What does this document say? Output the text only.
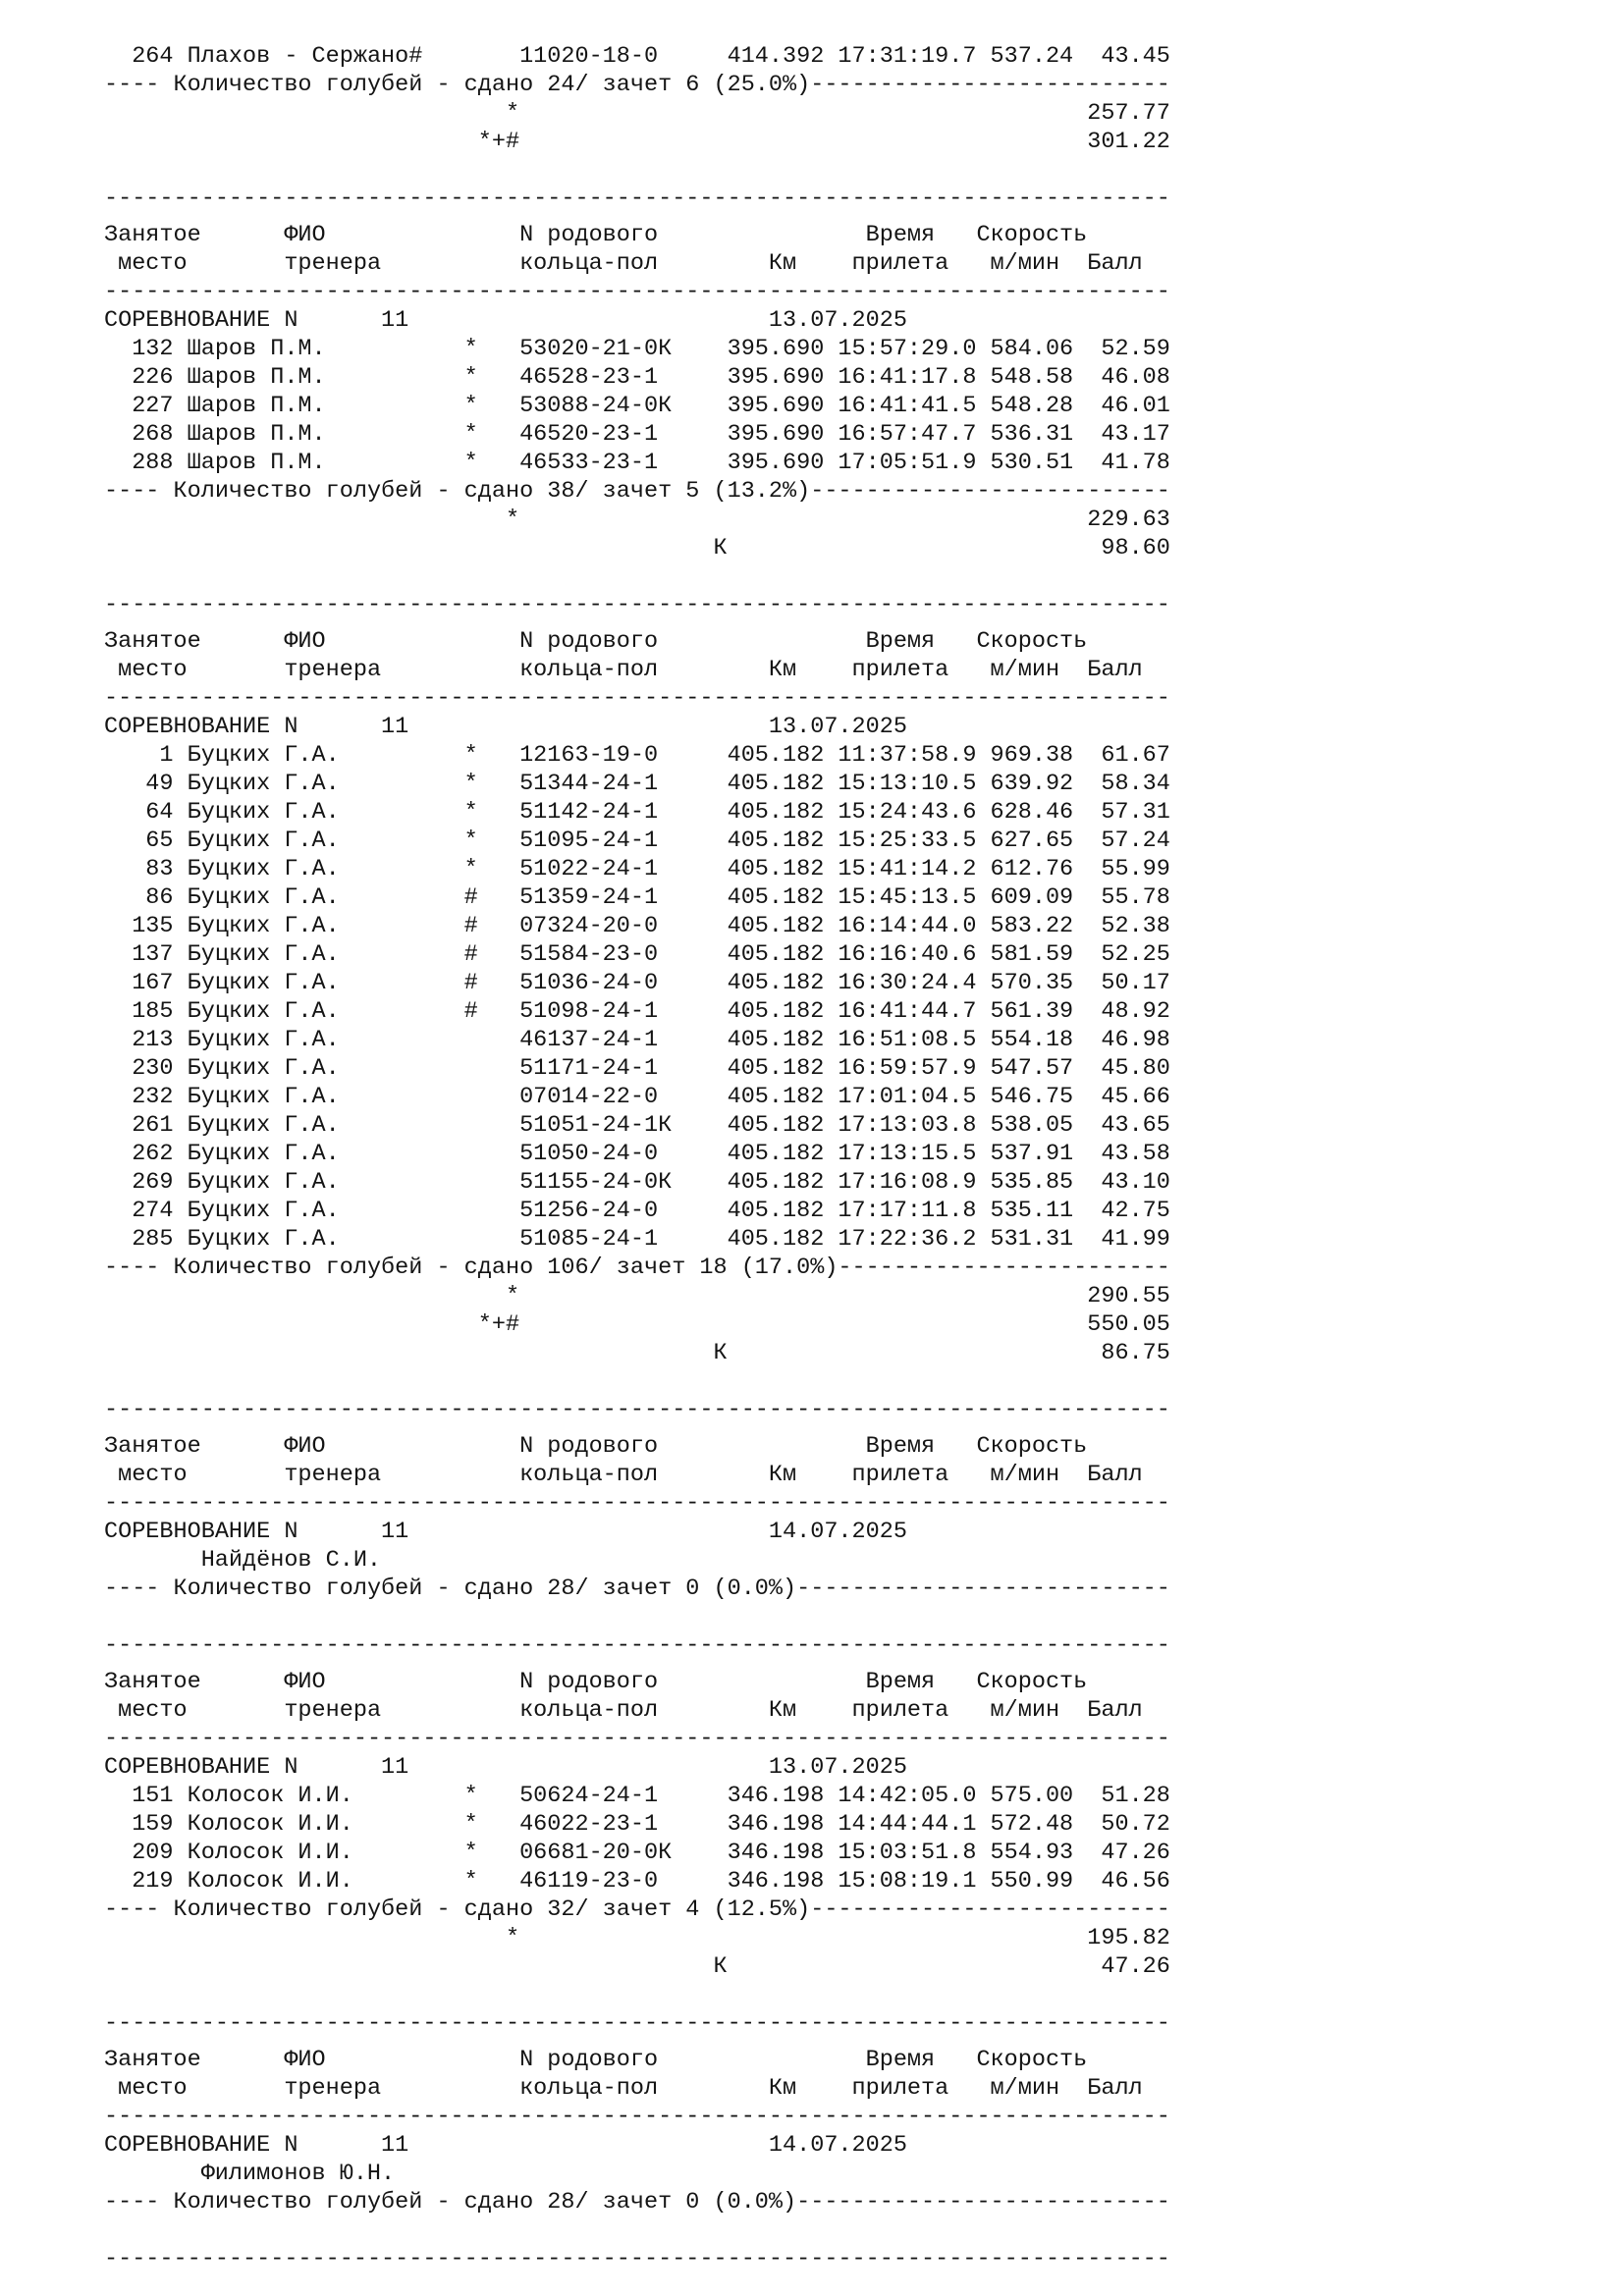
264 Плахов - Сержано#	11020-18-0	414.392 17:31:19.7 537.24 43.45
---- Количество голубей - сдано 24/ зачет 6 (25.0%)--------------------------
*	257.77
*+#	301.22
-----------------------------------------------------------------------------
Занятое	ФИО	N родового	Время Скорость
место	тренера	кольца-пол	Км прилета м/мин Балл
-----------------------------------------------------------------------------
СОРЕВНОВАНИЕ N	11	13.07.2025
132 Шаров П.М.	* 53020-21-0К 395.690 15:57:29.0 584.06 52.59
226 Шаров П.М.	* 46528-23-1	395.690 16:41:17.8 548.58 46.08
227 Шаров П.М.	* 53088-24-0К 395.690 16:41:41.5 548.28 46.01
268 Шаров П.М.	* 46520-23-1	395.690 16:57:47.7 536.31 43.17
288 Шаров П.М.	* 46533-23-1	395.690 17:05:51.9 530.51 41.78
---- Количество голубей - сдано 38/ зачет 5 (13.2%)--------------------------
*	229.63
К	98.60
-----------------------------------------------------------------------------
Занятое	ФИО	N родового	Время Скорость
место	тренера	кольца-пол	Км прилета м/мин Балл
-----------------------------------------------------------------------------
СОРЕВНОВАНИЕ N	11	13.07.2025
1 Буцких Г.А.	* 12163-19-0	405.182 11:37:58.9 969.38 61.67
49 Буцких Г.А.	* 51344-24-1	405.182 15:13:10.5 639.92 58.34
64 Буцких Г.А.	* 51142-24-1	405.182 15:24:43.6 628.46 57.31
65 Буцких Г.А.	* 51095-24-1	405.182 15:25:33.5 627.65 57.24
83 Буцких Г.А.	* 51022-24-1	405.182 15:41:14.2 612.76 55.99
86 Буцких Г.А.	# 51359-24-1	405.182 15:45:13.5 609.09 55.78
135 Буцких Г.А.	# 07324-20-0	405.182 16:14:44.0 583.22 52.38
137 Буцких Г.А.	# 51584-23-0	405.182 16:16:40.6 581.59 52.25
167 Буцких Г.А.	# 51036-24-0	405.182 16:30:24.4 570.35 50.17
185 Буцких Г.А.	# 51098-24-1	405.182 16:41:44.7 561.39 48.92
213 Буцких Г.А.	46137-24-1	405.182 16:51:08.5 554.18 46.98
230 Буцких Г.А.	51171-24-1	405.182 16:59:57.9 547.57 45.80
232 Буцких Г.А.	07014-22-0	405.182 17:01:04.5 546.75 45.66
261 Буцких Г.А.	51051-24-1К 405.182 17:13:03.8 538.05 43.65
262 Буцких Г.А.	51050-24-0	405.182 17:13:15.5 537.91 43.58
269 Буцких Г.А.	51155-24-0К 405.182 17:16:08.9 535.85 43.10
274 Буцких Г.А.	51256-24-0	405.182 17:17:11.8 535.11 42.75
285 Буцких Г.А.	51085-24-1	405.182 17:22:36.2 531.31 41.99
---- Количество голубей - сдано 106/ зачет 18 (17.0%)------------------------
*	290.55
*+#	550.05
К	86.75
-----------------------------------------------------------------------------
Занятое	ФИО	N родового	Время Скорость
место	тренера	кольца-пол	Км прилета м/мин Балл
-----------------------------------------------------------------------------
СОРЕВНОВАНИЕ N	11	14.07.2025
Найдёнов С.И.
---- Количество голубей - сдано 28/ зачет 0 (0.0%)---------------------------
-----------------------------------------------------------------------------
Занятое	ФИО	N родового	Время Скорость
место	тренера	кольца-пол	Км прилета м/мин Балл
-----------------------------------------------------------------------------
СОРЕВНОВАНИЕ N	11	13.07.2025
151 Колосок И.И.	* 50624-24-1	346.198 14:42:05.0 575.00 51.28
159 Колосок И.И.	* 46022-23-1	346.198 14:44:44.1 572.48 50.72
209 Колосок И.И.	* 06681-20-0К 346.198 15:03:51.8 554.93 47.26
219 Колосок И.И.	* 46119-23-0	346.198 15:08:19.1 550.99 46.56
---- Количество голубей - сдано 32/ зачет 4 (12.5%)--------------------------
*	195.82
К	47.26
-----------------------------------------------------------------------------
Занятое	ФИО	N родового	Время Скорость
место	тренера	кольца-пол	Км прилета м/мин Балл
-----------------------------------------------------------------------------
СОРЕВНОВАНИЕ N	11	14.07.2025
Филимонов Ю.Н.
---- Количество голубей - сдано 28/ зачет 0 (0.0%)---------------------------
-----------------------------------------------------------------------------
